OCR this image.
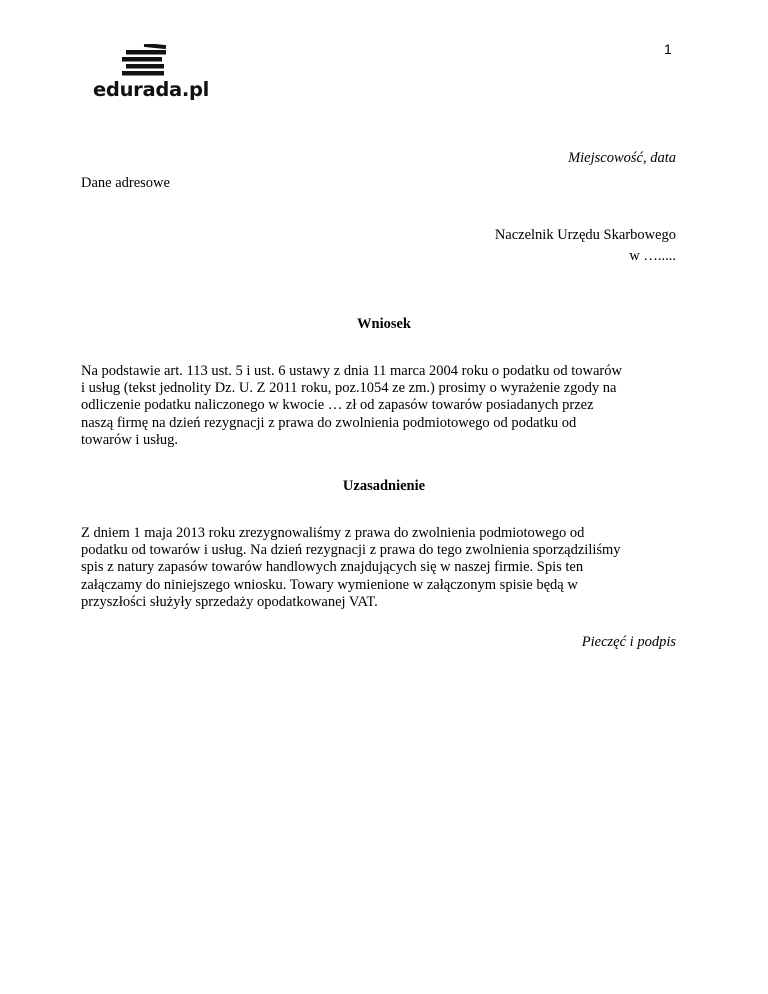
1
edurada.pl
Miejscowość, data
Dane adresowe
Naczelnik Urzędu Skarbowego
w ….....
Wniosek
Na podstawie art. 113 ust. 5 i ust. 6 ustawy z dnia 11 marca 2004 roku o podatku od towarów
i usług (tekst jednolity Dz. U. Z 2011 roku, poz.1054 ze zm.) prosimy o wyrażenie zgody na
odliczenie podatku naliczonego w kwocie … zł od zapasów towarów posiadanych przez
naszą firmę na dzień rezygnacji z prawa do zwolnienia podmiotowego od podatku od
towarów i usług.
Uzasadnienie
Z dniem 1 maja 2013 roku zrezygnowaliśmy z prawa do zwolnienia podmiotowego od
podatku od towarów i usług. Na dzień rezygnacji z prawa do tego zwolnienia sporządziliśmy
spis z natury zapasów towarów handlowych znajdujących się w naszej firmie. Spis ten
załączamy do niniejszego wniosku. Towary wymienione w załączonym spisie będą w
przyszłości służyły sprzedaży opodatkowanej VAT.
Pieczęć i podpis
